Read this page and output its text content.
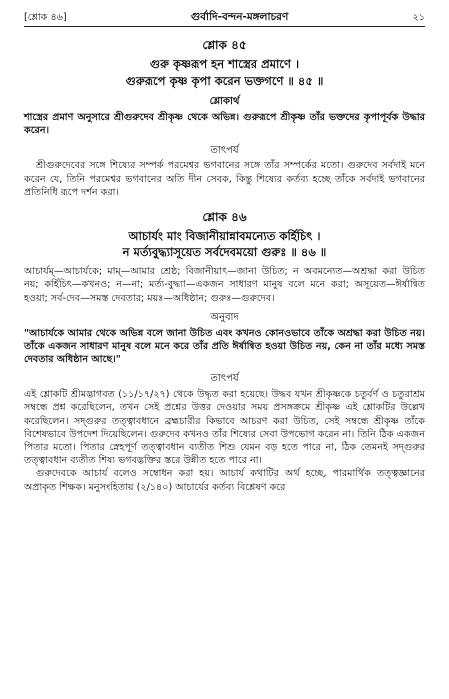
[শ্লোক ৪৬]	গুর্বাদি-বন্দন-মঙ্গলাচরণ	২১
শ্লোক ৪৫
গুরু কৃষ্ণরূপ হন শাস্ত্রের প্রমাণে ।
গুরুরূপে কৃষ্ণ কৃপা করেন ভক্তগণে ॥ ৪৫ ॥
শ্লোকার্থ

শাস্ত্রের প্রমাণ অনুসারে শ্রীগুরুদেব শ্রীকৃষ্ণ থেকে অভিন্ন। গুরুরূপে শ্রীকৃষ্ণ তাঁর ভক্তদের কৃপাপূর্বক উদ্ধার করেন।

তাৎপর্য

শ্রীগুরুদেবের সঙ্গে শিষ্যের সম্পর্ক পরমেশ্বর ভগবানের সঙ্গে তাঁর সম্পর্কের মতো। গুরুদেব সর্বদাই মনে করেন যে, তিনি পরমেশ্বর ভগবানের অতি দীন সেবক, কিন্তু শিষ্যের কর্তব্য হচ্ছে তাঁকে সর্বদাই ভগবানের প্রতিনিধি রূপে দর্শন করা।

শ্লোক ৪৬
আচার্যং মাং বিজানীয়ান্নাবমন্যেত কর্হিচিৎ ।
ন মর্ত্যবুদ্ধ্যাসূয়েত সর্বদেবময়ো গুরুঃ ॥ ৪৬ ॥

আচার্যম্—আচার্যকে; মাম্—আমার শ্রেষ্ঠ; বিজানীয়াৎ—জানা উচিত; ন অবমন্যেত—অশ্রদ্ধা করা উচিত নয়; কর্হিচিৎ—কখনও; ন—না; মর্ত্য-বুদ্ধ্যা—একজন সাধারণ মানুষ বলে মনে করা; অসূয়েত—ঈর্ষান্বিত হওয়া; সর্ব-দেব—সমস্ত দেবতার; ময়ঃ—অধিষ্ঠান; গুরুঃ—গুরুদেব।

অনুবাদ

"আচার্যকে আমার থেকে অভিন্ন বলে জানা উচিত এবং কখনও কোনওভাবে তাঁকে অশ্রদ্ধা করা উচিত নয়। তাঁকে একজন সাধারণ মানুষ বলে মনে করে তাঁর প্রতি ঈর্ষান্বিত হওয়া উচিত নয়, কেন না তাঁর মধ্যে সমস্ত দেবতার অধিষ্ঠান আছে।"

তাৎপর্য

এই শ্লোকটি শ্রীমদ্ভাগবত (১১/১৭/২৭) থেকে উদ্ধৃত করা হয়েছে। উদ্ধব যখন শ্রীকৃষ্ণকে চতুর্বর্ণ ও চতুরাশ্রম সম্বন্ধে প্রশ্ন করেছিলেন, তখন সেই প্রশ্নের উত্তর দেওয়ার সময় প্রসঙ্গক্রমে শ্রীকৃষ্ণ এই শ্লোকটির উল্লেখ করেছিলেন। সদ্গুরুর তত্ত্বাবধানে ব্রহ্মচারীর কিভাবে আচরণ করা উচিত, সেই সম্বন্ধে শ্রীকৃষ্ণ তাঁকে বিশেষভাবে উপদেশ দিয়েছিলেন। গুরুদেব কখনও তাঁর শিষ্যের সেবা উপভোগ করেন না। তিনি ঠিক একজন পিতার মতো। পিতার স্নেহপূর্ণ তত্ত্বাবধান ব্যতীত শিশু যেমন বড় হতে পারে না, ঠিক তেমনই সদ্গুরুর তত্ত্বাবধান ব্যতীত শিষ্য ভগবদ্ভক্তির স্তরে উন্নীত হতে পারে না।

গুরুদেবকে আচার্য বলেও সম্বোধন করা হয়। আচার্য কথাটির অর্থ হচ্ছে, পারমার্থিক তত্ত্বজ্ঞানের অপ্রাকৃত শিক্ষক। মনুসংহিতায় (২/১৪০) আচার্যের কর্তব্য বিশ্লেষণ করে
